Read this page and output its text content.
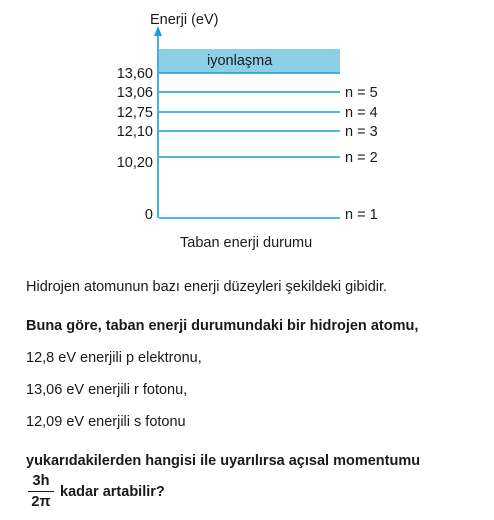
Enerji (eV)
iyonlaşma
13,60
13,06	n = 5
12,75	n = 4
12,10	n = 3
10,20	n = 2
0	n = 1
Taban enerji durumu
Hidrojen atomunun bazı enerji düzeyleri şekildeki gibidir.
Buna göre, taban enerji durumundaki bir hidrojen atomu,
12,8 eV enerjili p elektronu,
13,06 eV enerjili r fotonu,
12,09 eV enerjili s fotonu
yukarıdakilerden hangisi ile uyarılırsa açısal momentumu
3h
2π
kadar artabilir?
